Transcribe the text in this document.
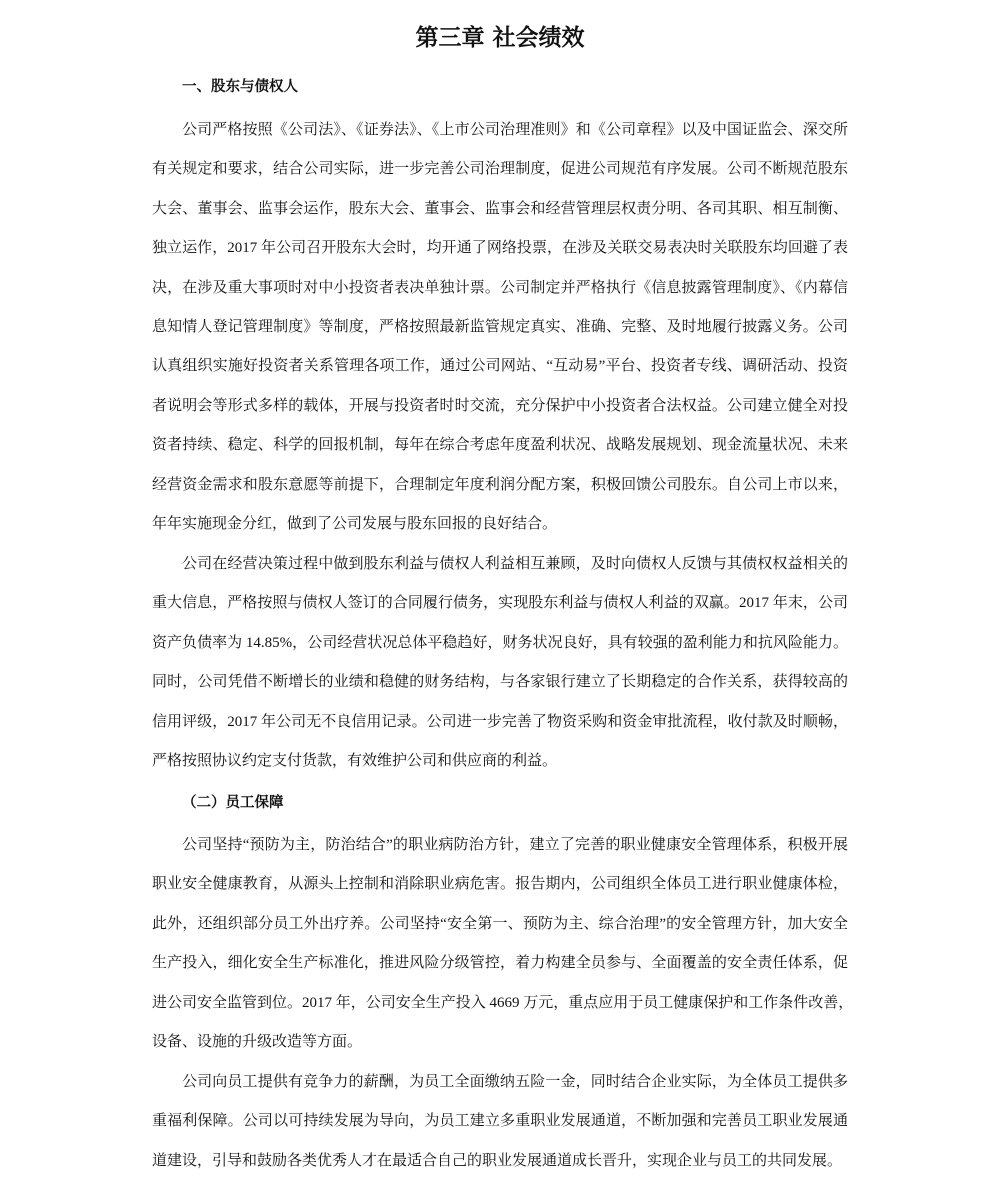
第三章 社会绩效
一、股东与债权人
公司严格按照《公司法》、《证券法》、《上市公司治理准则》和《公司章程》以及中国证监会、深交所
有关规定和要求，结合公司实际，进一步完善公司治理制度，促进公司规范有序发展。公司不断规范股东
大会、董事会、监事会运作，股东大会、董事会、监事会和经营管理层权责分明、各司其职、相互制衡、
独立运作，2017 年公司召开股东大会时，均开通了网络投票，在涉及关联交易表决时关联股东均回避了表
决，在涉及重大事项时对中小投资者表决单独计票。公司制定并严格执行《信息披露管理制度》、《内幕信
息知情人登记管理制度》等制度，严格按照最新监管规定真实、准确、完整、及时地履行披露义务。公司
认真组织实施好投资者关系管理各项工作，通过公司网站、“互动易”平台、投资者专线、调研活动、投资
者说明会等形式多样的载体，开展与投资者时时交流，充分保护中小投资者合法权益。公司建立健全对投
资者持续、稳定、科学的回报机制，每年在综合考虑年度盈利状况、战略发展规划、现金流量状况、未来
经营资金需求和股东意愿等前提下，合理制定年度利润分配方案，积极回馈公司股东。自公司上市以来，
年年实施现金分红，做到了公司发展与股东回报的良好结合。
公司在经营决策过程中做到股东利益与债权人利益相互兼顾，及时向债权人反馈与其债权权益相关的
重大信息，严格按照与债权人签订的合同履行债务，实现股东利益与债权人利益的双赢。2017 年末，公司
资产负债率为 14.85%，公司经营状况总体平稳趋好，财务状况良好，具有较强的盈利能力和抗风险能力。
同时，公司凭借不断增长的业绩和稳健的财务结构，与各家银行建立了长期稳定的合作关系，获得较高的
信用评级，2017 年公司无不良信用记录。公司进一步完善了物资采购和资金审批流程，收付款及时顺畅，
严格按照协议约定支付货款，有效维护公司和供应商的利益。
（二）员工保障
公司坚持“预防为主，防治结合”的职业病防治方针，建立了完善的职业健康安全管理体系，积极开展
职业安全健康教育，从源头上控制和消除职业病危害。报告期内，公司组织全体员工进行职业健康体检，
此外，还组织部分员工外出疗养。公司坚持“安全第一、预防为主、综合治理”的安全管理方针，加大安全
生产投入，细化安全生产标准化，推进风险分级管控，着力构建全员参与、全面覆盖的安全责任体系，促
进公司安全监管到位。2017 年，公司安全生产投入 4669 万元，重点应用于员工健康保护和工作条件改善，
设备、设施的升级改造等方面。
公司向员工提供有竞争力的薪酬，为员工全面缴纳五险一金，同时结合企业实际，为全体员工提供多
重福利保障。公司以可持续发展为导向，为员工建立多重职业发展通道，不断加强和完善员工职业发展通
道建设，引导和鼓励各类优秀人才在最适合自己的职业发展通道成长晋升，实现企业与员工的共同发展。
